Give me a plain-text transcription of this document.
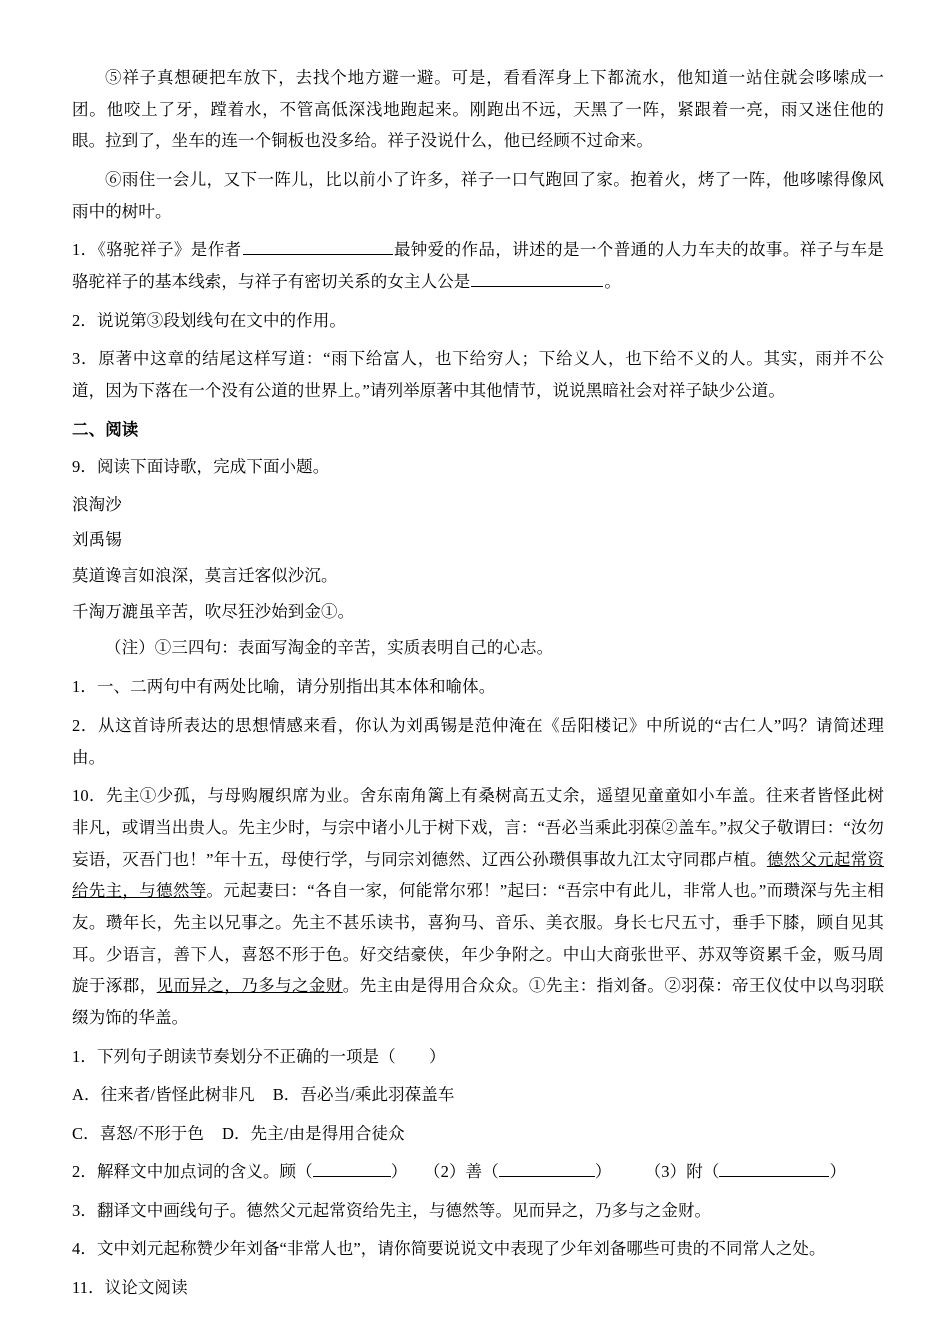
⑤祥子真想硬把车放下，去找个地方避一避。可是，看看浑身上下都流水，他知道一站住就会哆嗦成一团。他咬上了牙，蹚着水，不管高低深浅地跑起来。刚跑出不远，天黑了一阵，紧跟着一亮，雨又迷住他的眼。拉到了，坐车的连一个铜板也没多给。祥子没说什么，他已经顾不过命来。

⑥雨住一会儿，又下一阵儿，比以前小了许多，祥子一口气跑回了家。抱着火，烤了一阵，他哆嗦得像风雨中的树叶。

1．《骆驼祥子》是作者	最钟爱的作品，讲述的是一个普通的人力车夫的故事。祥子与车是骆驼祥子的基本线索，与祥子有密切关系的女主人公是	。

2．说说第③段划线句在文中的作用。

3．原著中这章的结尾这样写道：“雨下给富人，也下给穷人；下给义人，也下给不义的人。其实，雨并不公道，因为下落在一个没有公道的世界上。”请列举原著中其他情节，说说黑暗社会对祥子缺少公道。

二、阅读

9．阅读下面诗歌，完成下面小题。

浪淘沙

刘禹锡

莫道谗言如浪深，莫言迁客似沙沉。

千淘万漉虽辛苦，吹尽狂沙始到金①。

（注）①三四句：表面写淘金的辛苦，实质表明自己的心志。

1．一、二两句中有两处比喻，请分别指出其本体和喻体。

2．从这首诗所表达的思想情感来看，你认为刘禹锡是范仲淹在《岳阳楼记》中所说的“古仁人”吗？请简述理由。

10．先主①少孤，与母购履织席为业。舍东南角篱上有桑树高五丈余，遥望见童童如小车盖。往来者皆怪此树非凡，或谓当出贵人。先主少时，与宗中诸小儿于树下戏，言：“吾必当乘此羽葆②盖车。”叔父子敬谓曰：“汝勿妄语，灭吾门也！”年十五，母使行学，与同宗刘德然、辽西公孙瓒俱事故九江太守同郡卢植。德然父元起常资给先主，与德然等。元起妻曰：“各自一家，何能常尔邪！”起曰：“吾宗中有此儿，非常人也。”而瓒深与先主相友。瓒年长，先主以兄事之。先主不甚乐读书，喜狗马、音乐、美衣服。身长七尺五寸，垂手下膝，顾自见其耳。少语言，善下人，喜怒不形于色。好交结豪侠，年少争附之。中山大商张世平、苏双等资累千金，贩马周旋于涿郡，见而异之，乃多与之金财。先主由是得用合众众。①先主：指刘备。②羽葆：帝王仪仗中以鸟羽联缀为饰的华盖。

1．下列句子朗读节奏划分不正确的一项是（　　）

A．往来者/皆怪此树非凡 B．吾必当/乘此羽葆盖车

C．喜怒/不形于色 D．先主/由是得用合徒众

2．解释文中加点词的含义。顾（	）　　（2）善（	）　　　（3）附（	）

3．翻译文中画线句子。德然父元起常资给先主，与德然等。见而异之，乃多与之金财。

4．文中刘元起称赞少年刘备“非常人也”，请你简要说说文中表现了少年刘备哪些可贵的不同常人之处。

11．议论文阅读
